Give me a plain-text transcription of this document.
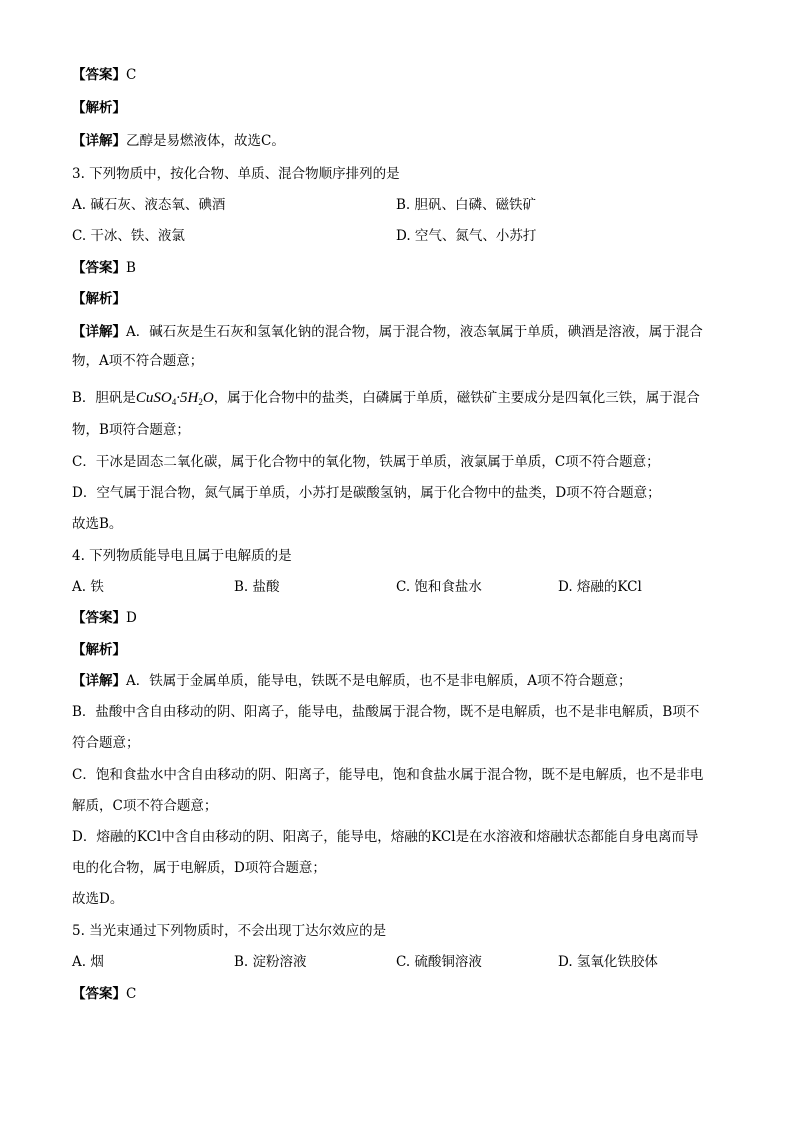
【答案】C
【解析】
【详解】乙醇是易燃液体，故选C。
3. 下列物质中，按化合物、单质、混合物顺序排列的是
A. 碱石灰、液态氧、碘酒	B. 胆矾、白磷、磁铁矿
C. 干冰、铁、液氯	D. 空气、氮气、小苏打
【答案】B
【解析】
【详解】A．碱石灰是生石灰和氢氧化钠的混合物，属于混合物，液态氧属于单质，碘酒是溶液，属于混合
物，A项不符合题意；
B．胆矾是$CuSO_4\cdot 5H_2O$，属于化合物中的盐类，白磷属于单质，磁铁矿主要成分是四氧化三铁，属于混合
物，B项符合题意；
C．干冰是固态二氧化碳，属于化合物中的氧化物，铁属于单质，液氯属于单质，C项不符合题意；
D．空气属于混合物，氮气属于单质，小苏打是碳酸氢钠，属于化合物中的盐类，D项不符合题意；
故选B。
4. 下列物质能导电且属于电解质的是
A. 铁	B. 盐酸	C. 饱和食盐水	D. 熔融的KCl
【答案】D
【解析】
【详解】A．铁属于金属单质，能导电，铁既不是电解质，也不是非电解质，A项不符合题意；
B．盐酸中含自由移动的阴、阳离子，能导电，盐酸属于混合物，既不是电解质，也不是非电解质，B项不
符合题意；
C．饱和食盐水中含自由移动的阴、阳离子，能导电，饱和食盐水属于混合物，既不是电解质，也不是非电
解质，C项不符合题意；
D．熔融的KCl中含自由移动的阴、阳离子，能导电，熔融的KCl是在水溶液和熔融状态都能自身电离而导
电的化合物，属于电解质，D项符合题意；
故选D。
5. 当光束通过下列物质时，不会出现丁达尔效应的是
A. 烟	B. 淀粉溶液	C. 硫酸铜溶液	D. 氢氧化铁胶体
【答案】C
